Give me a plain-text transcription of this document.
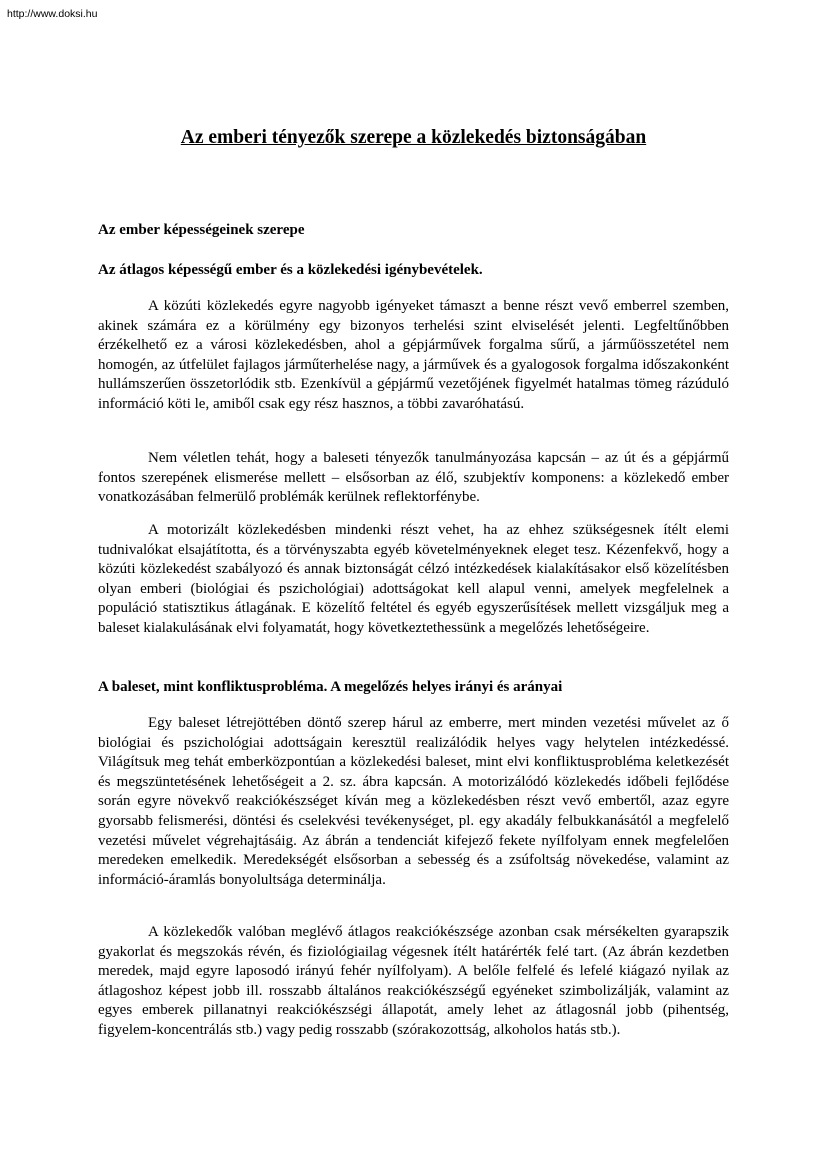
http://www.doksi.hu
Az emberi tényezők szerepe a közlekedés biztonságában
Az ember képességeinek szerepe
Az átlagos képességű ember és a közlekedési igénybevételek.

A közúti közlekedés egyre nagyobb igényeket támaszt a benne részt vevő emberrel szemben, akinek számára ez a körülmény egy bizonyos terhelési szint elviselését jelenti. Legfeltűnőbben érzékelhető ez a városi közlekedésben, ahol a gépjárművek forgalma sűrű, a járműösszetétel nem homogén, az útfelület fajlagos járműterhelése nagy, a járművek és a gyalogosok forgalma időszakonként hullámszerűen összetorlódik stb. Ezenkívül a gépjármű vezetőjének figyelmét hatalmas tömeg rázúduló információ köti le, amiből csak egy rész hasznos, a többi zavaróhatású.

Nem véletlen tehát, hogy a baleseti tényezők tanulmányozása kapcsán – az út és a gépjármű fontos szerepének elismerése mellett – elsősorban az élő, szubjektív komponens: a közlekedő ember vonatkozásában felmerülő problémák kerülnek reflektorfénybe.

A motorizált közlekedésben mindenki részt vehet, ha az ehhez szükségesnek ítélt elemi tudnivalókat elsajátította, és a törvényszabta egyéb követelményeknek eleget tesz. Kézenfekvő, hogy a közúti közlekedést szabályozó és annak biztonságát célzó intézkedések kialakításakor első közelítésben olyan emberi (biológiai és pszichológiai) adottságokat kell alapul venni, amelyek megfelelnek a populáció statisztikus átlagának. E közelítő feltétel és egyéb egyszerűsítések mellett vizsgáljuk meg a baleset kialakulásának elvi folyamatát, hogy következtethessünk a megelőzés lehetőségeire.

A baleset, mint konfliktusprobléma. A megelőzés helyes irányi és arányai

Egy baleset létrejöttében döntő szerep hárul az emberre, mert minden vezetési művelet az ő biológiai és pszichológiai adottságain keresztül realizálódik helyes vagy helytelen intézkedéssé. Világítsuk meg tehát emberközpontúan a közlekedési baleset, mint elvi konfliktusprobléma keletkezését és megszüntetésének lehetőségeit a 2. sz. ábra kapcsán. A motorizálódó közlekedés időbeli fejlődése során egyre növekvő reakciókészséget kíván meg a közlekedésben részt vevő embertől, azaz egyre gyorsabb felismerési, döntési és cselekvési tevékenységet, pl. egy akadály felbukkanásától a megfelelő vezetési művelet végrehajtásáig. Az ábrán a tendenciát kifejező fekete nyílfolyam ennek megfelelően meredeken emelkedik. Meredekségét elsősorban a sebesség és a zsúfoltság növekedése, valamint az információ-áramlás bonyolultsága determinálja.

A közlekedők valóban meglévő átlagos reakciókészsége azonban csak mérsékelten gyarapszik gyakorlat és megszokás révén, és fiziológiailag végesnek ítélt határérték felé tart. (Az ábrán kezdetben meredek, majd egyre laposodó irányú fehér nyílfolyam). A belőle felfelé és lefelé kiágazó nyilak az átlagoshoz képest jobb ill. rosszabb általános reakciókészségű egyéneket szimbolizálják, valamint az egyes emberek pillanatnyi reakciókészségi állapotát, amely lehet az átlagosnál jobb (pihentség, figyelem-koncentrálás stb.) vagy pedig rosszabb (szórakozottság, alkoholos hatás stb.).
